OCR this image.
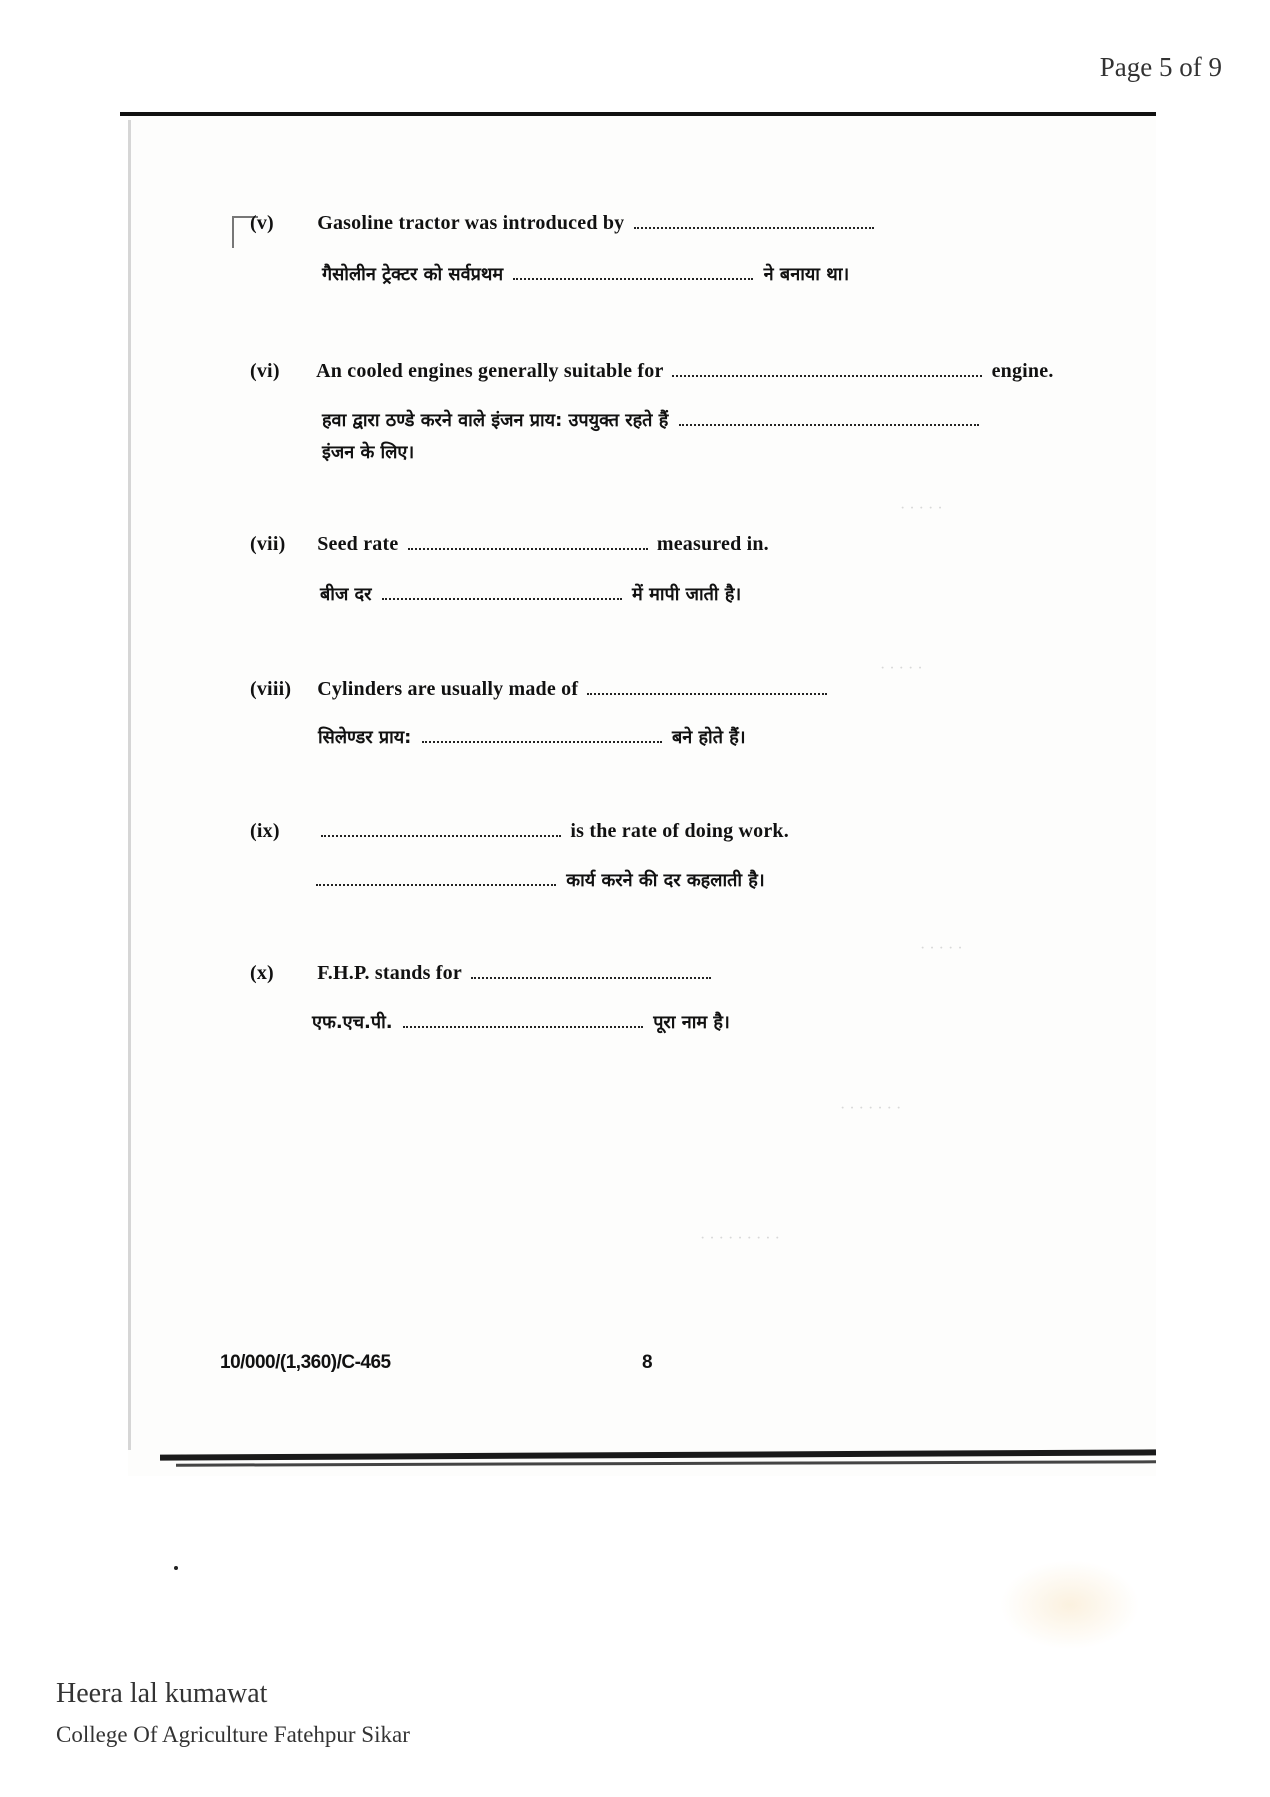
Page 5 of 9
· · · · ·
· · · · ·
· · · · ·
· · · · · · ·
· · · · · · · · ·
(v) Gasoline tractor was introduced by
गैसोलीन ट्रेक्टर को सर्वप्रथम	ने बनाया था।
(vi) An cooled engines generally suitable for	engine.
हवा द्वारा ठण्डे करने वाले इंजन प्राय: उपयुक्त रहते हैं
इंजन के लिए।
(vii) Seed rate	measured in.
बीज दर	में मापी जाती है।
(viii) Cylinders are usually made of
सिलेण्डर प्राय:	बने होते हैं।
(ix)	is the rate of doing work.
कार्य करने की दर कहलाती है।
(x) F.H.P. stands for
एफ.एच.पी.	पूरा नाम है।
10/000/(1,360)/C-465	8
Heera lal kumawat
College Of Agriculture Fatehpur Sikar
